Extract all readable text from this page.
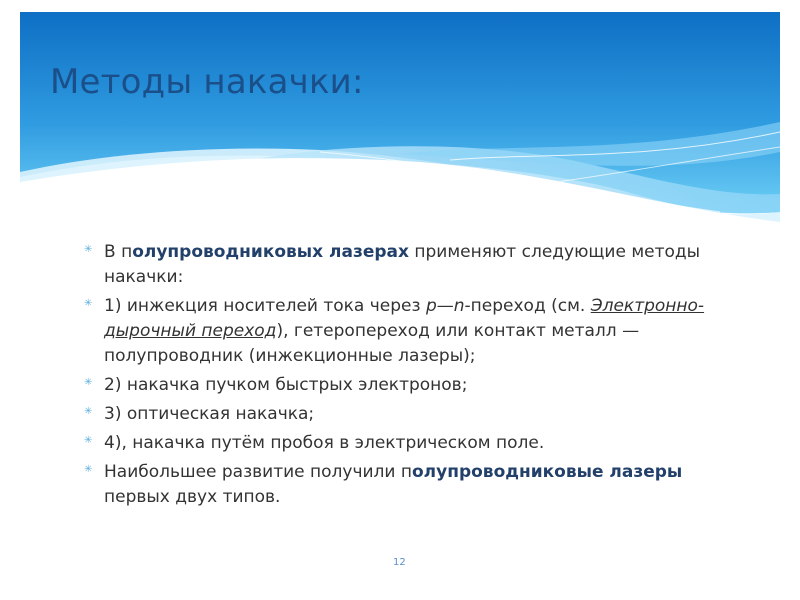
Методы накачки:
✳ В полупроводниковых лазерах применяют следующие методы накачки:
✳ 1) инжекция носителей тока через p—n-переход (см. Электронно-дырочный переход), гетеропереход или контакт металл — полупроводник (инжекционные лазеры);
✳ 2) накачка пучком быстрых электронов;
✳ 3) оптическая накачка;
✳ 4), накачка путём пробоя в электрическом поле.
✳ Наибольшее развитие получили полупроводниковые лазеры первых двух типов.
12
